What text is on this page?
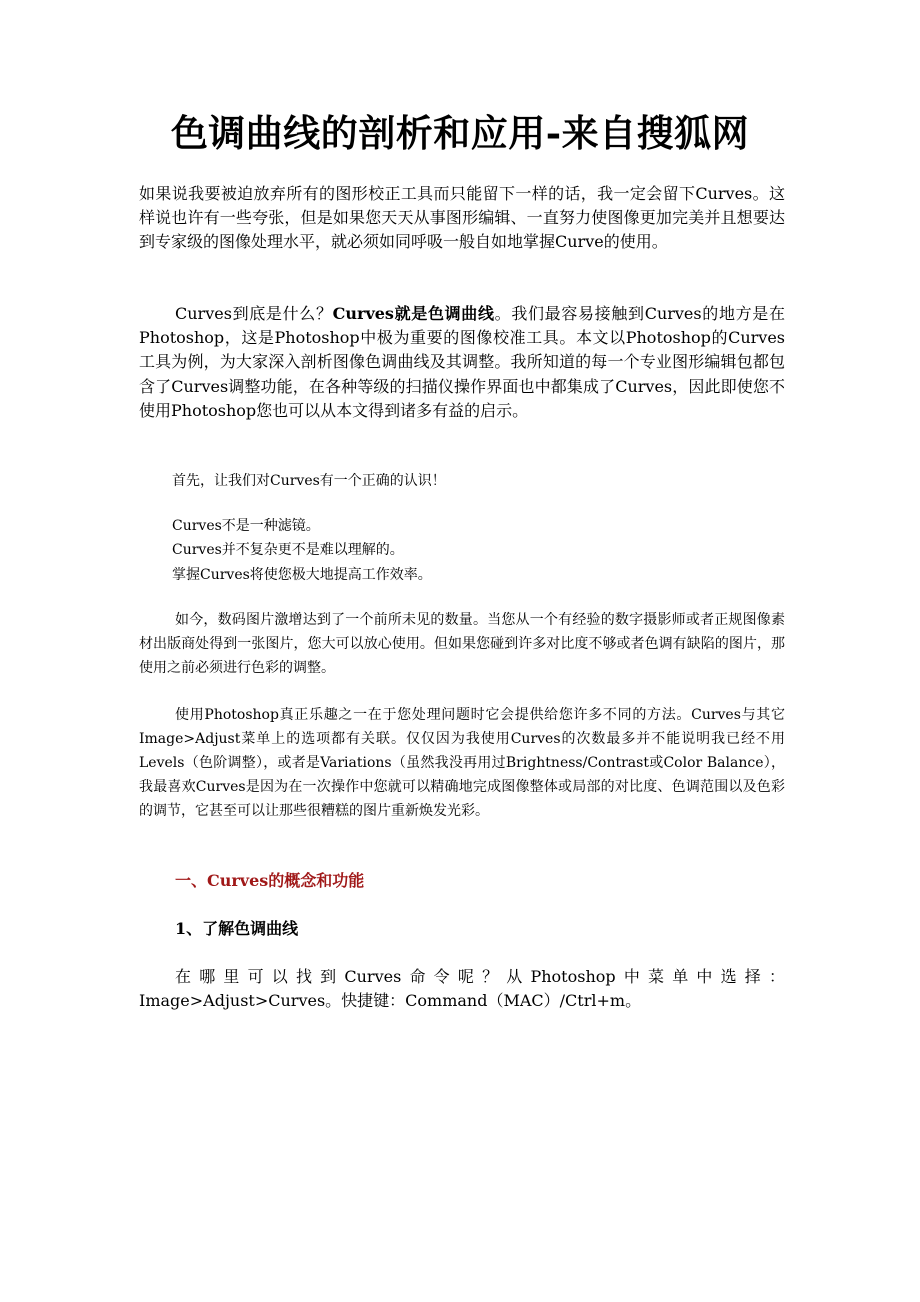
色调曲线的剖析和应用-来自搜狐网

如果说我要被迫放弃所有的图形校正工具而只能留下一样的话，我一定会留下Curves。这样说也许有一些夸张，但是如果您天天从事图形编辑、一直努力使图像更加完美并且想要达到专家级的图像处理水平，就必须如同呼吸一般自如地掌握Curve的使用。

Curves到底是什么？Curves就是色调曲线。我们最容易接触到Curves的地方是在Photoshop，这是Photoshop中极为重要的图像校准工具。本文以Photoshop的Curves工具为例，为大家深入剖析图像色调曲线及其调整。我所知道的每一个专业图形编辑包都包含了Curves调整功能，在各种等级的扫描仪操作界面也中都集成了Curves，因此即使您不使用Photoshop您也可以从本文得到诸多有益的启示。

首先，让我们对Curves有一个正确的认识！

Curves不是一种滤镜。

Curves并不复杂更不是难以理解的。

掌握Curves将使您极大地提高工作效率。

如今，数码图片激增达到了一个前所未见的数量。当您从一个有经验的数字摄影师或者正规图像素材出版商处得到一张图片，您大可以放心使用。但如果您碰到许多对比度不够或者色调有缺陷的图片，那使用之前必须进行色彩的调整。

使用Photoshop真正乐趣之一在于您处理问题时它会提供给您许多不同的方法。Curves与其它Image>Adjust菜单上的选项都有关联。仅仅因为我使用Curves的次数最多并不能说明我已经不用Levels（色阶调整），或者是Variations（虽然我没再用过Brightness/Contrast或Color Balance），我最喜欢Curves是因为在一次操作中您就可以精确地完成图像整体或局部的对比度、色调范围以及色彩的调节，它甚至可以让那些很糟糕的图片重新焕发光彩。

一、Curves的概念和功能

1、了解色调曲线

在哪里可以找到Curves命令呢？从Photoshop中菜单中选择：Image>Adjust>Curves。快捷键：Command（MAC）/Ctrl+m。
